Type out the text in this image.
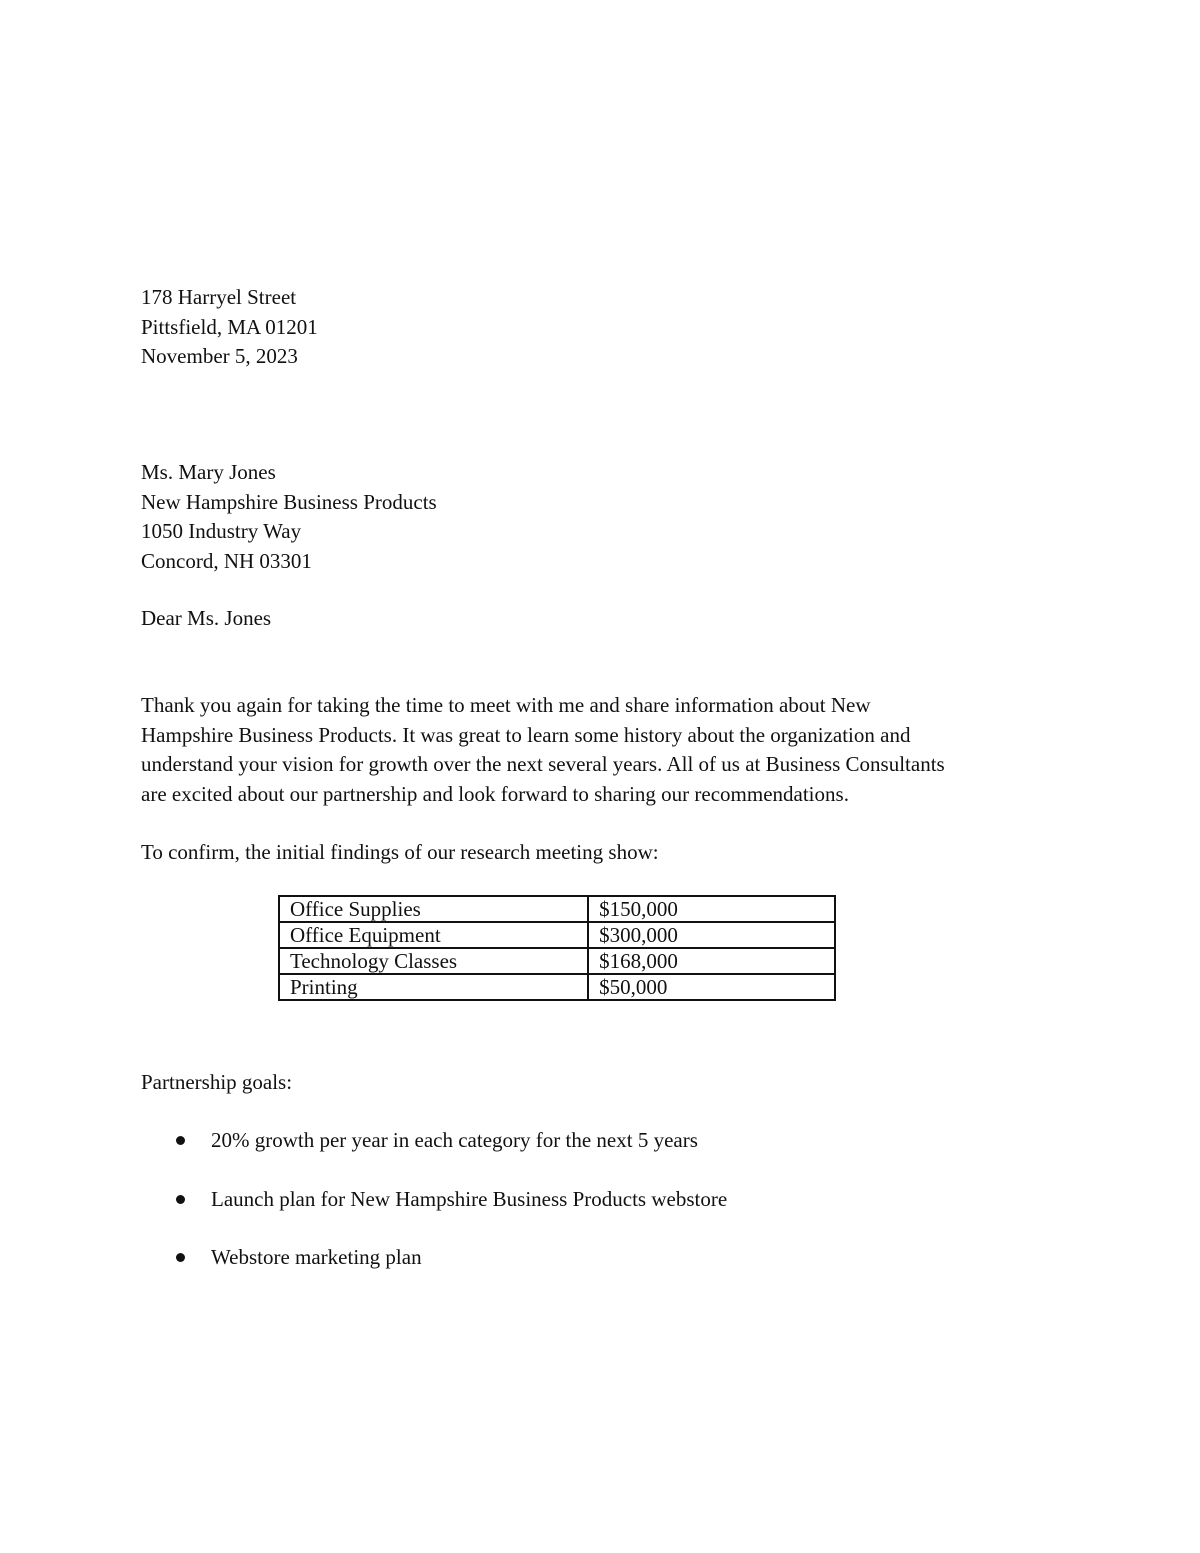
178 Harryel Street
Pittsfield, MA 01201
November 5, 2023
Ms. Mary Jones
New Hampshire Business Products
1050 Industry Way
Concord, NH 03301
Dear Ms. Jones
Thank you again for taking the time to meet with me and share information about New
Hampshire Business Products. It was great to learn some history about the organization and
understand your vision for growth over the next several years. All of us at Business Consultants
are excited about our partnership and look forward to sharing our recommendations.
To confirm, the initial findings of our research meeting show:
Office Supplies	$150,000
Office Equipment	$300,000
Technology Classes	$168,000
Printing	$50,000
Partnership goals:
20% growth per year in each category for the next 5 years
Launch plan for New Hampshire Business Products webstore
Webstore marketing plan
